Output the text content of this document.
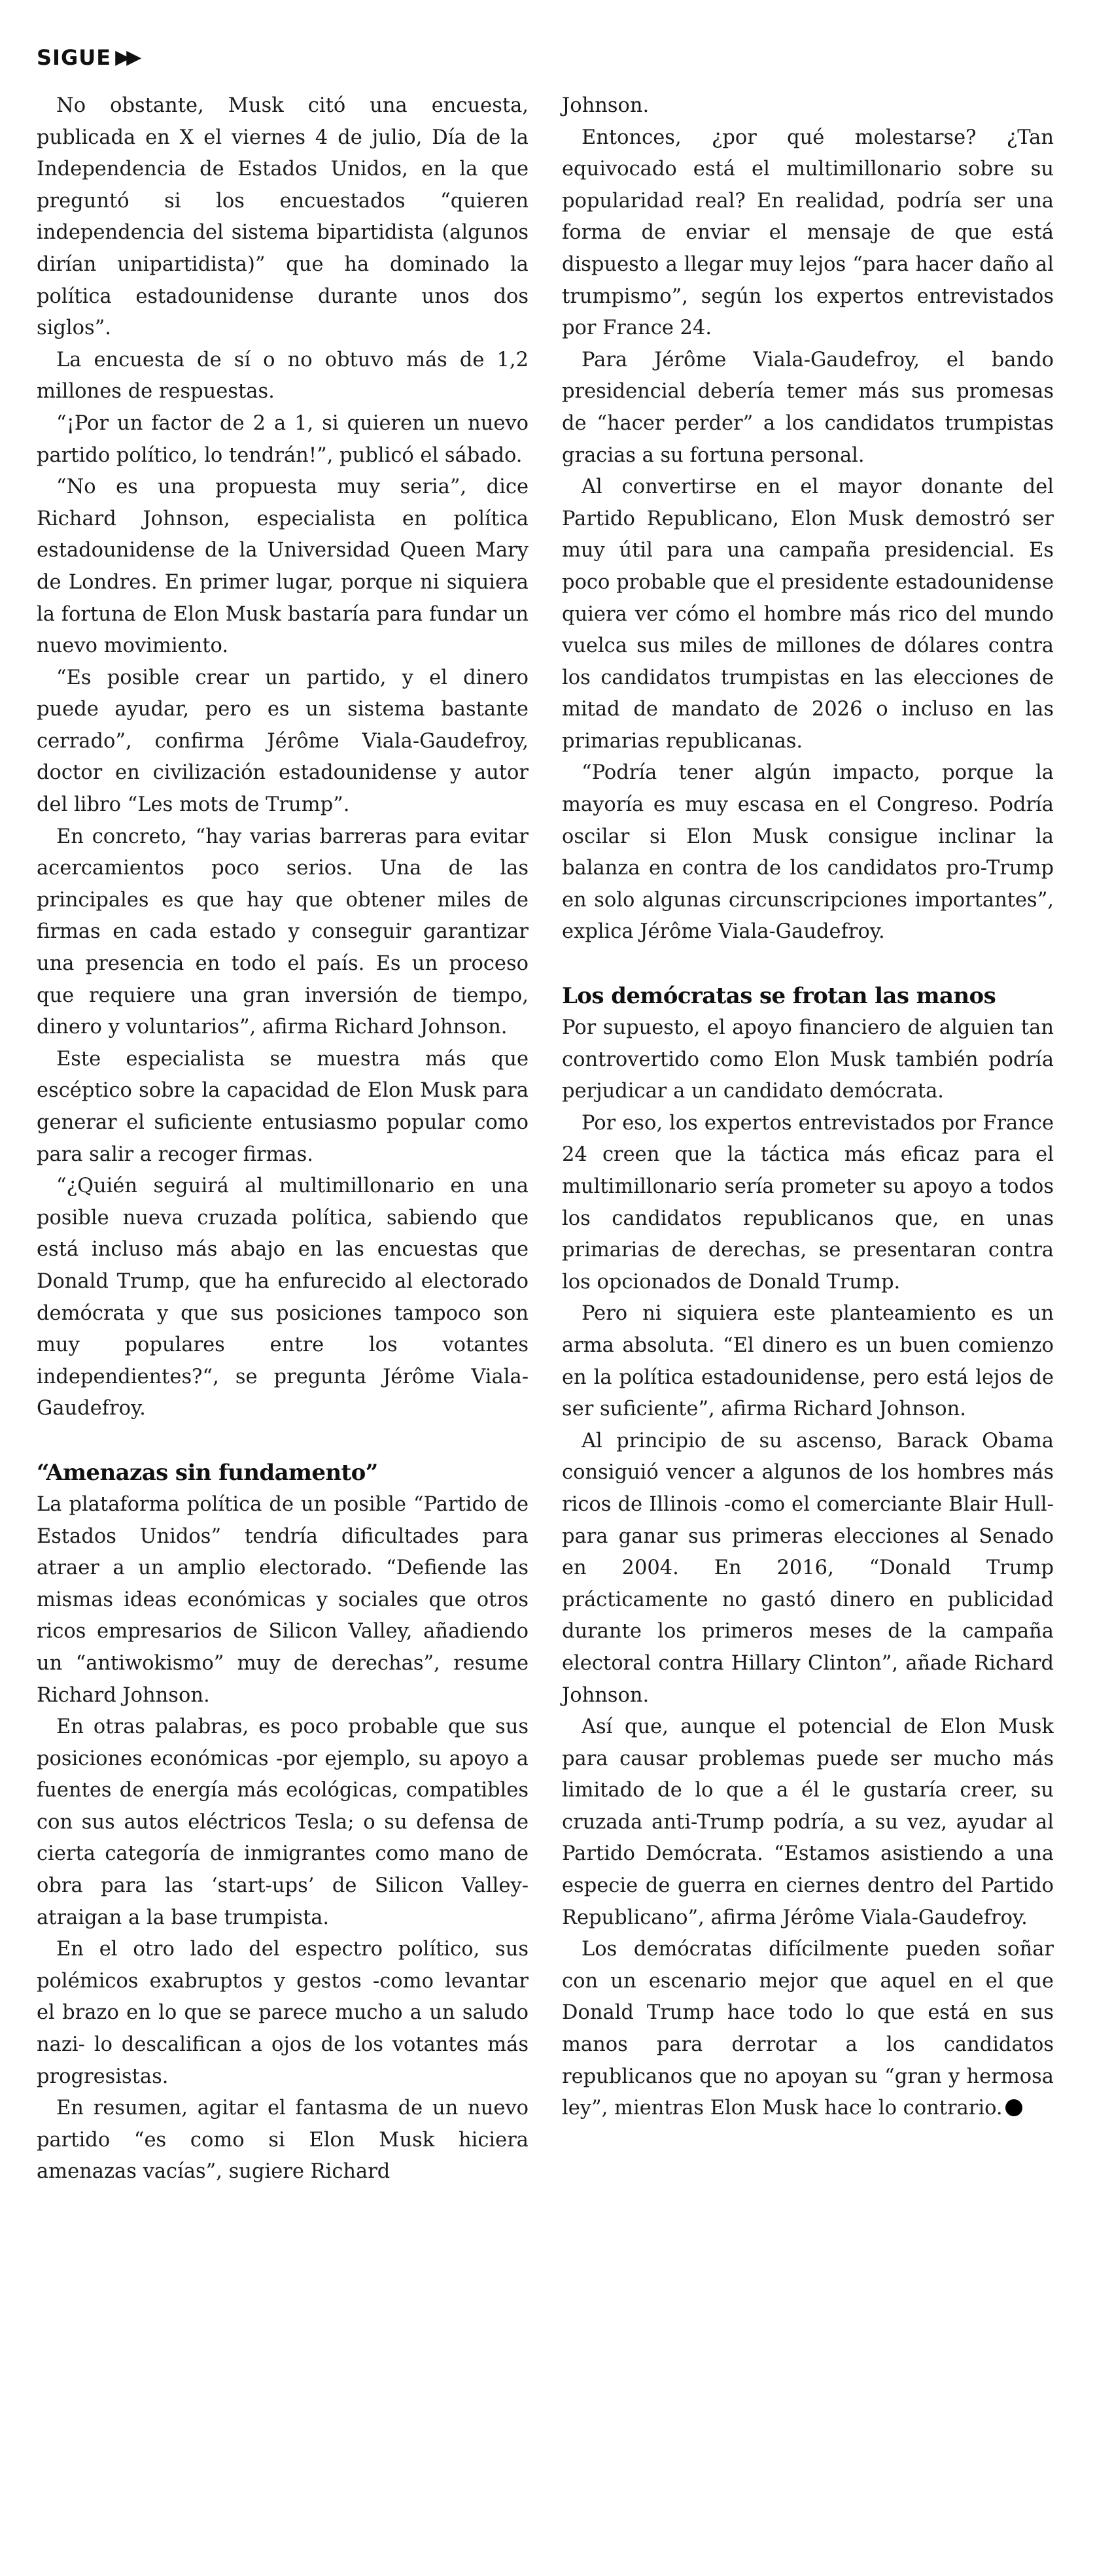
SIGUE ▶▶

No obstante, Musk citó una encuesta, publicada en X el viernes 4 de julio, Día de la Independencia de Estados Unidos, en la que preguntó si los encuestados “quieren independencia del sistema bipartidista (algunos dirían unipartidista)” que ha dominado la política estadounidense durante unos dos siglos”.

La encuesta de sí o no obtuvo más de 1,2 millones de respuestas.

“¡Por un factor de 2 a 1, si quieren un nuevo partido político, lo tendrán!”, publicó el sábado.

“No es una propuesta muy seria”, dice Richard Johnson, especialista en política estadounidense de la Universidad Queen Mary de Londres. En primer lugar, porque ni siquiera la fortuna de Elon Musk bastaría para fundar un nuevo movimiento.

“Es posible crear un partido, y el dinero puede ayudar, pero es un sistema bastante cerrado”, confirma Jérôme Viala-Gaudefroy, doctor en civilización estadounidense y autor del libro “Les mots de Trump”.

En concreto, “hay varias barreras para evitar acercamientos poco serios. Una de las principales es que hay que obtener miles de firmas en cada estado y conseguir garantizar una presencia en todo el país. Es un proceso que requiere una gran inversión de tiempo, dinero y voluntarios”, afirma Richard Johnson.

Este especialista se muestra más que escéptico sobre la capacidad de Elon Musk para generar el suficiente entusiasmo popular como para salir a recoger firmas.

“¿Quién seguirá al multimillonario en una posible nueva cruzada política, sabiendo que está incluso más abajo en las encuestas que Donald Trump, que ha enfurecido al electorado demócrata y que sus posiciones tampoco son muy populares entre los votantes independientes?“, se pregunta Jérôme Viala-Gaudefroy.

“Amenazas sin fundamento”

La plataforma política de un posible “Partido de Estados Unidos” tendría dificultades para atraer a un amplio electorado. “Defiende las mismas ideas económicas y sociales que otros ricos empresarios de Silicon Valley, añadiendo un “antiwokismo” muy de derechas”, resume Richard Johnson.

En otras palabras, es poco probable que sus posiciones económicas -por ejemplo, su apoyo a fuentes de energía más ecológicas, compatibles con sus autos eléctricos Tesla; o su defensa de cierta categoría de inmigrantes como mano de obra para las ‘start-ups’ de Silicon Valley- atraigan a la base trumpista.

En el otro lado del espectro político, sus polémicos exabruptos y gestos -como levantar el brazo en lo que se parece mucho a un saludo nazi- lo descalifican a ojos de los votantes más progresistas.

En resumen, agitar el fantasma de un nuevo partido “es como si Elon Musk hiciera amenazas vacías”, sugiere Richard

Johnson.

Entonces, ¿por qué molestarse? ¿Tan equivocado está el multimillonario sobre su popularidad real? En realidad, podría ser una forma de enviar el mensaje de que está dispuesto a llegar muy lejos “para hacer daño al trumpismo”, según los expertos entrevistados por France 24.

Para Jérôme Viala-Gaudefroy, el bando presidencial debería temer más sus promesas de “hacer perder” a los candidatos trumpistas gracias a su fortuna personal.

Al convertirse en el mayor donante del Partido Republicano, Elon Musk demostró ser muy útil para una campaña presidencial. Es poco probable que el presidente estadounidense quiera ver cómo el hombre más rico del mundo vuelca sus miles de millones de dólares contra los candidatos trumpistas en las elecciones de mitad de mandato de 2026 o incluso en las primarias republicanas.

“Podría tener algún impacto, porque la mayoría es muy escasa en el Congreso. Podría oscilar si Elon Musk consigue inclinar la balanza en contra de los candidatos pro-Trump en solo algunas circunscripciones importantes”, explica Jérôme Viala-Gaudefroy.

Los demócratas se frotan las manos

Por supuesto, el apoyo financiero de alguien tan controvertido como Elon Musk también podría perjudicar a un candidato demócrata.

Por eso, los expertos entrevistados por France 24 creen que la táctica más eficaz para el multimillonario sería prometer su apoyo a todos los candidatos republicanos que, en unas primarias de derechas, se presentaran contra los opcionados de Donald Trump.

Pero ni siquiera este planteamiento es un arma absoluta. “El dinero es un buen comienzo en la política estadounidense, pero está lejos de ser suficiente”, afirma Richard Johnson.

Al principio de su ascenso, Barack Obama consiguió vencer a algunos de los hombres más ricos de Illinois -como el comerciante Blair Hull- para ganar sus primeras elecciones al Senado en 2004. En 2016, “Donald Trump prácticamente no gastó dinero en publicidad durante los primeros meses de la campaña electoral contra Hillary Clinton”, añade Richard Johnson.

Así que, aunque el potencial de Elon Musk para causar problemas puede ser mucho más limitado de lo que a él le gustaría creer, su cruzada anti-Trump podría, a su vez, ayudar al Partido Demócrata. “Estamos asistiendo a una especie de guerra en ciernes dentro del Partido Republicano”, afirma Jérôme Viala-Gaudefroy.

Los demócratas difícilmente pueden soñar con un escenario mejor que aquel en el que Donald Trump hace todo lo que está en sus manos para derrotar a los candidatos republicanos que no apoyan su “gran y hermosa ley”, mientras Elon Musk hace lo contrario.
